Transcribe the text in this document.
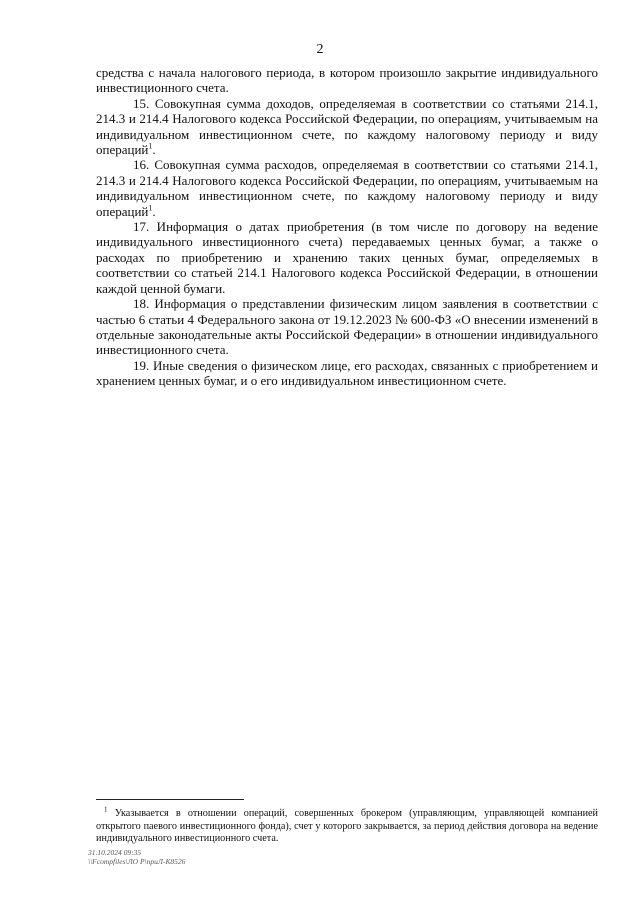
2

средства с начала налогового периода, в котором произошло закрытие индивидуального инвестиционного счета.

15. Совокупная сумма доходов, определяемая в соответствии со статьями 214.1, 214.3 и 214.4 Налогового кодекса Российской Федерации, по операциям, учитываемым на индивидуальном инвестиционном счете, по каждому налоговому периоду и виду операций$^1$.

16. Совокупная сумма расходов, определяемая в соответствии со статьями 214.1, 214.3 и 214.4 Налогового кодекса Российской Федерации, по операциям, учитываемым на индивидуальном инвестиционном счете, по каждому налоговому периоду и виду операций$^1$.

17. Информация о датах приобретения (в том числе по договору на ведение индивидуального инвестиционного счета) передаваемых ценных бумаг, а также о расходах по приобретению и хранению таких ценных бумаг, определяемых в соответствии со статьей 214.1 Налогового кодекса Российской Федерации, в отношении каждой ценной бумаги.

18. Информация о представлении физическим лицом заявления в соответствии с частью 6 статьи 4 Федерального закона от 19.12.2023 № 600-ФЗ «О внесении изменений в отдельные законодательные акты Российской Федерации» в отношении индивидуального инвестиционного счета.

19. Иные сведения о физическом лице, его расходах, связанных с приобретением и хранением ценных бумаг, и о его индивидуальном инвестиционном счете.

$^1$ Указывается в отношении операций, совершенных брокером (управляющим, управляющей компанией открытого паевого инвестиционного фонда), счет у которого закрывается, за период действия договора на ведение индивидуального инвестиционного счета.

31.10.2024 09:35
\\Fcompfiles\ЛО Р\приЛ-К8526
